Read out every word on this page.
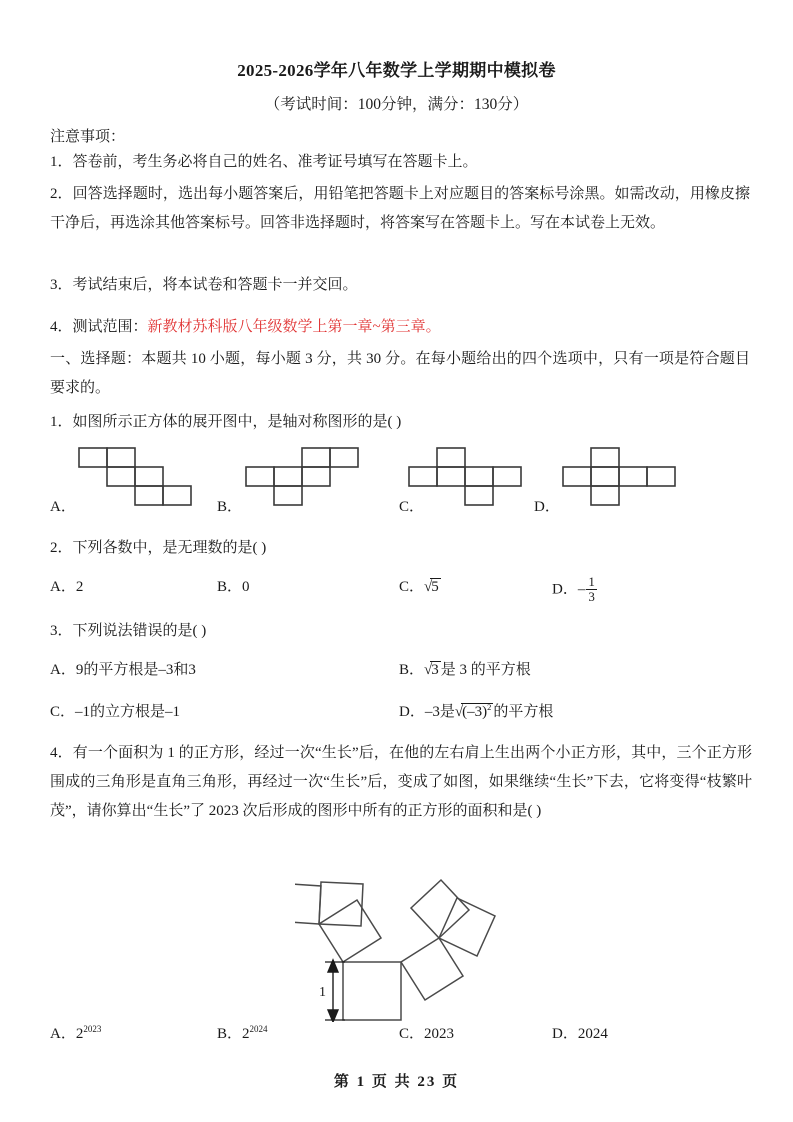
2025-2026学年八年数学上学期期中模拟卷
（考试时间：100分钟，满分：130分）
注意事项：
1．答卷前，考生务必将自己的姓名、准考证号填写在答题卡上。
2．回答选择题时，选出每小题答案后，用铅笔把答题卡上对应题目的答案标号涂黑。如需改动，用橡皮擦干净后，再选涂其他答案标号。回答非选择题时，将答案写在答题卡上。写在本试卷上无效。
3．考试结束后，将本试卷和答题卡一并交回。
4．测试范围：新教材苏科版八年级数学上第一章~第三章。
一、选择题：本题共 10 小题，每小题 3 分，共 30 分。在每小题给出的四个选项中，只有一项是符合题目要求的。
1．如图所示正方体的展开图中，是轴对称图形的是( )
A．	B．	C．	D．
2．下列各数中，是无理数的是( )
A．2	B．0	C．√5	D．– $\frac{1}{3}$
3．下列说法错误的是( )
A．9的平方根是–3和3	B．√3 是 3 的平方根
C．–1的立方根是–1	D．–3是$√(-3)^2$ 的平方根
4．有一个面积为 1 的正方形，经过一次“生长”后，在他的左右肩上生出两个小正方形，其中，三个正方形围成的三角形是直角三角形，再经过一次“生长”后，变成了如图，如果继续“生长”下去，它将变得“枝繁叶茂”，请你算出“生长”了 2023 次后形成的图形中所有的正方形的面积和是( )
1
A．$2^{2023}$	B．$2^{2024}$	C．2023	D．2024
第 1 页 共 23 页
